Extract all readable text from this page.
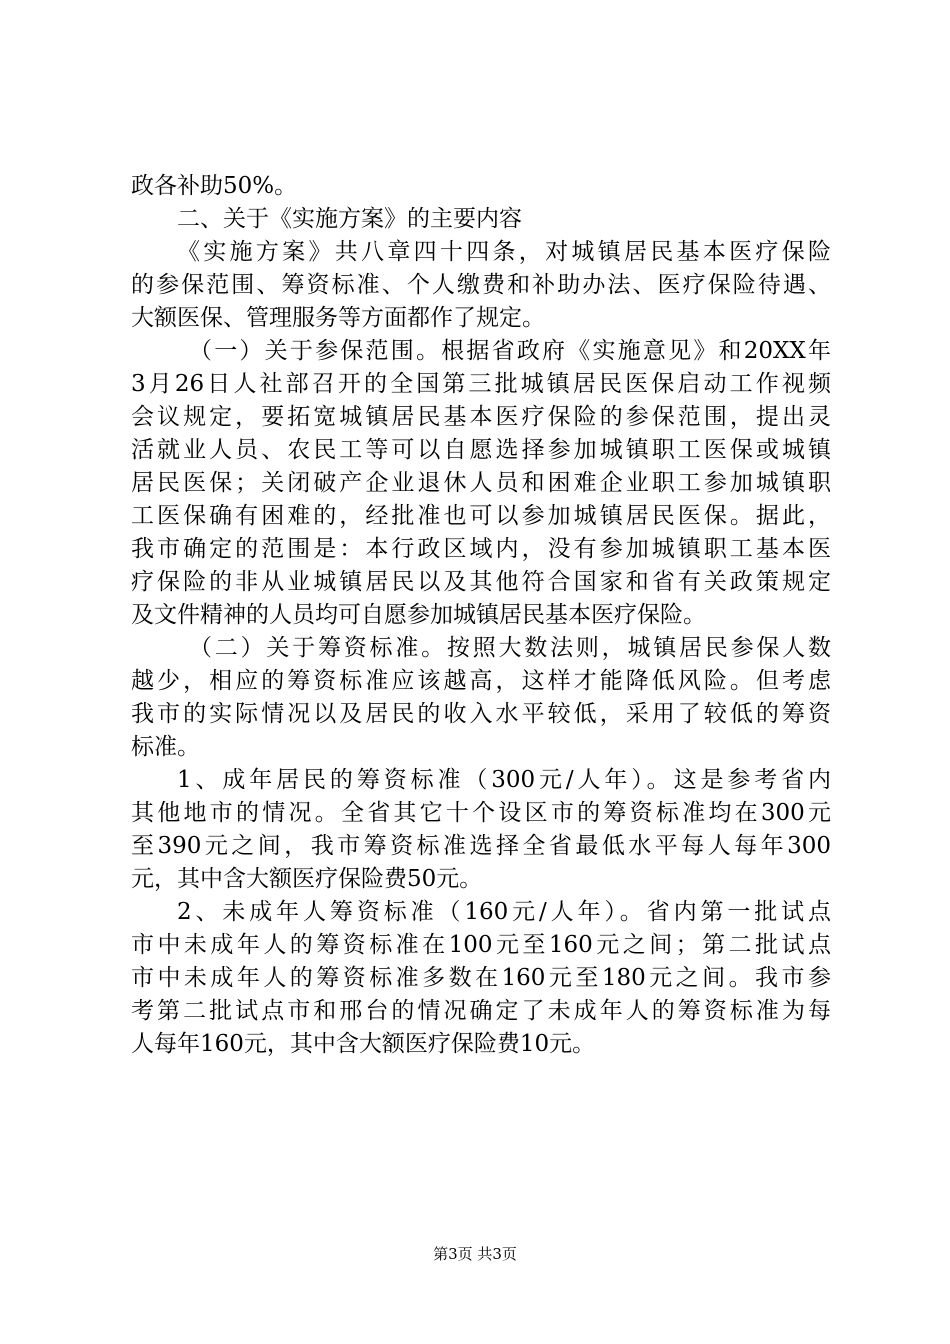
政各补助50%。
二、关于《实施方案》的主要内容
《实施方案》共八章四十四条，对城镇居民基本医疗保险
的参保范围、筹资标准、个人缴费和补助办法、医疗保险待遇、
大额医保、管理服务等方面都作了规定。
（一）关于参保范围。根据省政府《实施意见》和20XX年
3月26日人社部召开的全国第三批城镇居民医保启动工作视频
会议规定，要拓宽城镇居民基本医疗保险的参保范围，提出灵
活就业人员、农民工等可以自愿选择参加城镇职工医保或城镇
居民医保；关闭破产企业退休人员和困难企业职工参加城镇职
工医保确有困难的，经批准也可以参加城镇居民医保。据此，
我市确定的范围是：本行政区域内，没有参加城镇职工基本医
疗保险的非从业城镇居民以及其他符合国家和省有关政策规定
及文件精神的人员均可自愿参加城镇居民基本医疗保险。
（二）关于筹资标准。按照大数法则，城镇居民参保人数
越少，相应的筹资标准应该越高，这样才能降低风险。但考虑
我市的实际情况以及居民的收入水平较低，采用了较低的筹资
标准。
1、成年居民的筹资标准（300元/人年）。这是参考省内
其他地市的情况。全省其它十个设区市的筹资标准均在300元
至390元之间，我市筹资标准选择全省最低水平每人每年300
元，其中含大额医疗保险费50元。
2、未成年人筹资标准（160元/人年）。省内第一批试点
市中未成年人的筹资标准在100元至160元之间；第二批试点
市中未成年人的筹资标准多数在160元至180元之间。我市参
考第二批试点市和邢台的情况确定了未成年人的筹资标准为每
人每年160元，其中含大额医疗保险费10元。
第3页 共3页
